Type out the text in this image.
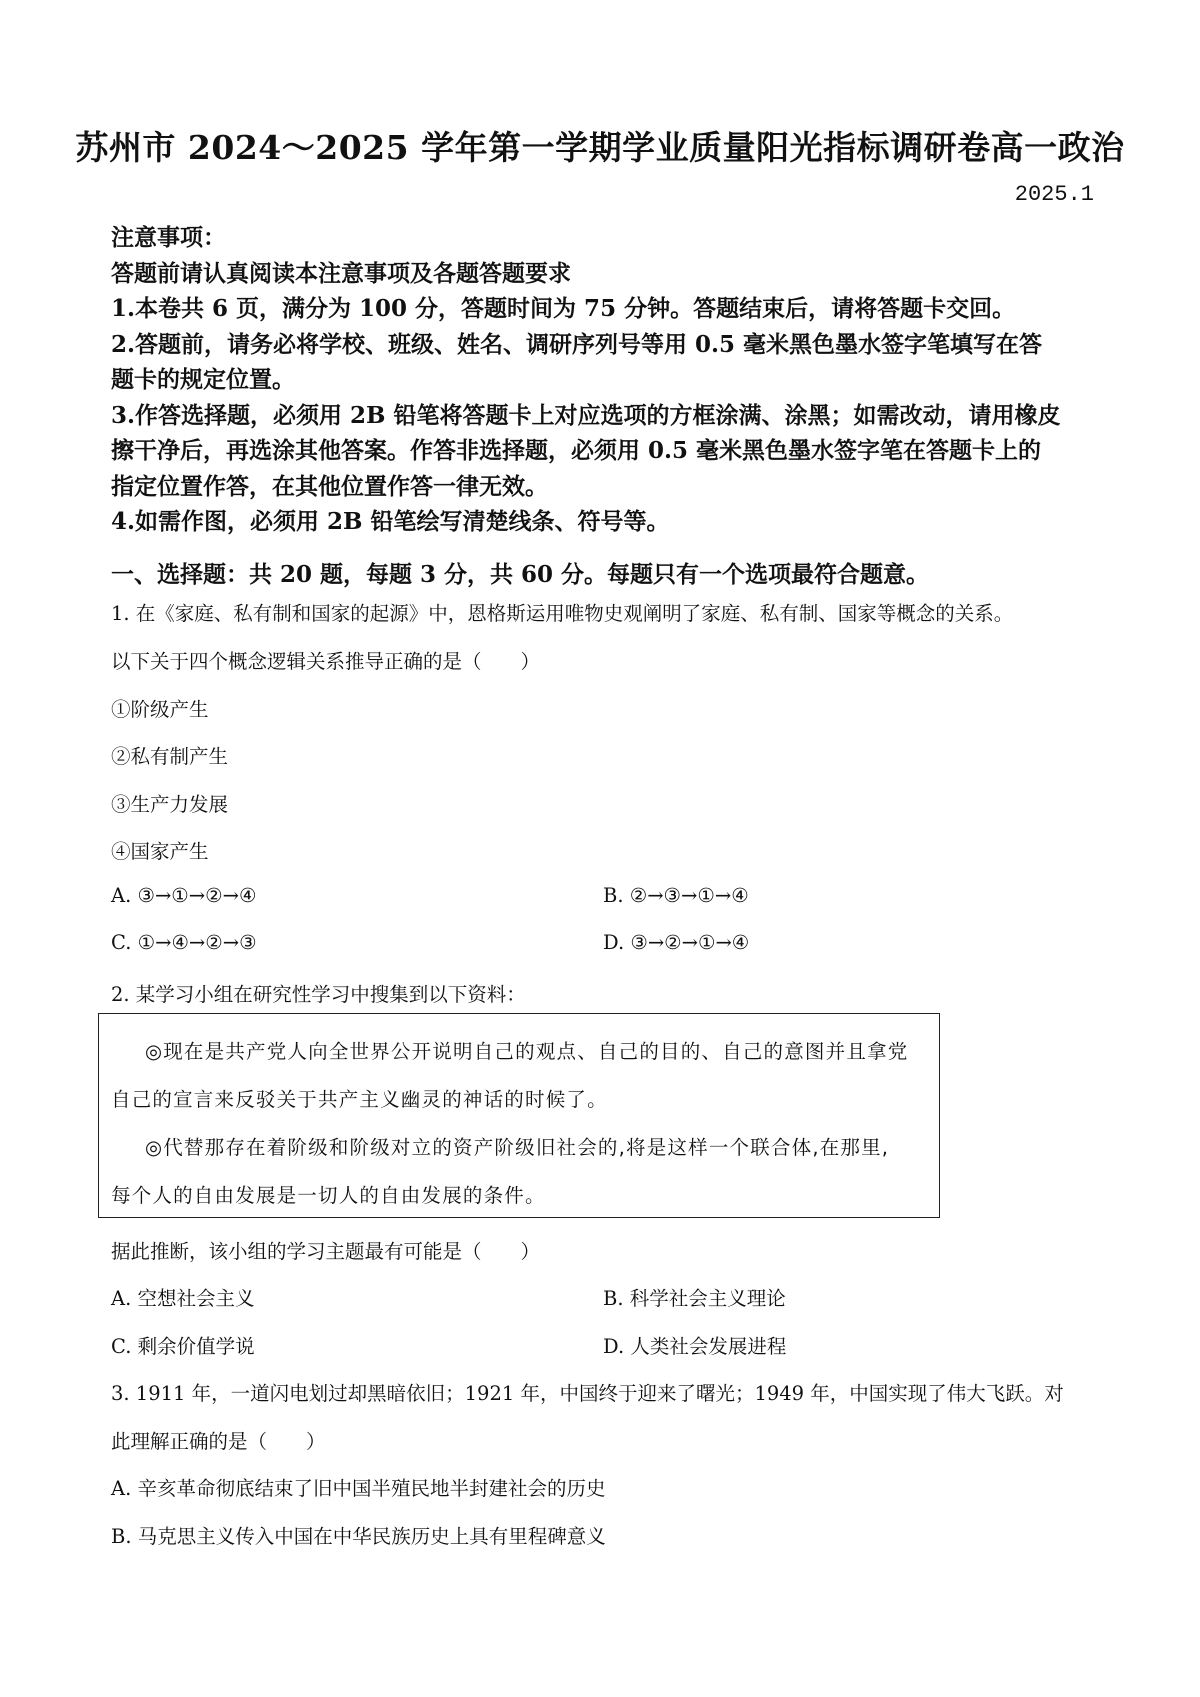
苏州市 2024～2025 学年第一学期学业质量阳光指标调研卷高一政治
2025.1
注意事项：
答题前请认真阅读本注意事项及各题答题要求
1.本卷共 6 页，满分为 100 分，答题时间为 75 分钟。答题结束后，请将答题卡交回。
2.答题前，请务必将学校、班级、姓名、调研序列号等用 0.5 毫米黑色墨水签字笔填写在答
题卡的规定位置。
3.作答选择题，必须用 2B 铅笔将答题卡上对应选项的方框涂满、涂黑；如需改动，请用橡皮
擦干净后，再选涂其他答案。作答非选择题，必须用 0.5 毫米黑色墨水签字笔在答题卡上的
指定位置作答，在其他位置作答一律无效。
4.如需作图，必须用 2B 铅笔绘写清楚线条、符号等。
一、选择题：共 20 题，每题 3 分，共 60 分。每题只有一个选项最符合题意。
1. 在《家庭、私有制和国家的起源》中，恩格斯运用唯物史观阐明了家庭、私有制、国家等概念的关系。
以下关于四个概念逻辑关系推导正确的是（　　）
①阶级产生
②私有制产生
③生产力发展
④国家产生
A. ③→①→②→④	B. ②→③→①→④
C. ①→④→②→③	D. ③→②→①→④
2. 某学习小组在研究性学习中搜集到以下资料：
◎现在是共产党人向全世界公开说明自己的观点、自己的目的、自己的意图并且拿党
自己的宣言来反驳关于共产主义幽灵的神话的时候了。
◎代替那存在着阶级和阶级对立的资产阶级旧社会的,将是这样一个联合体,在那里,
每个人的自由发展是一切人的自由发展的条件。
据此推断，该小组的学习主题最有可能是（　　）
A. 空想社会主义	B. 科学社会主义理论
C. 剩余价值学说	D. 人类社会发展进程
3. 1911 年，一道闪电划过却黑暗依旧；1921 年，中国终于迎来了曙光；1949 年，中国实现了伟大飞跃。对
此理解正确的是（　　）
A. 辛亥革命彻底结束了旧中国半殖民地半封建社会的历史
B. 马克思主义传入中国在中华民族历史上具有里程碑意义
